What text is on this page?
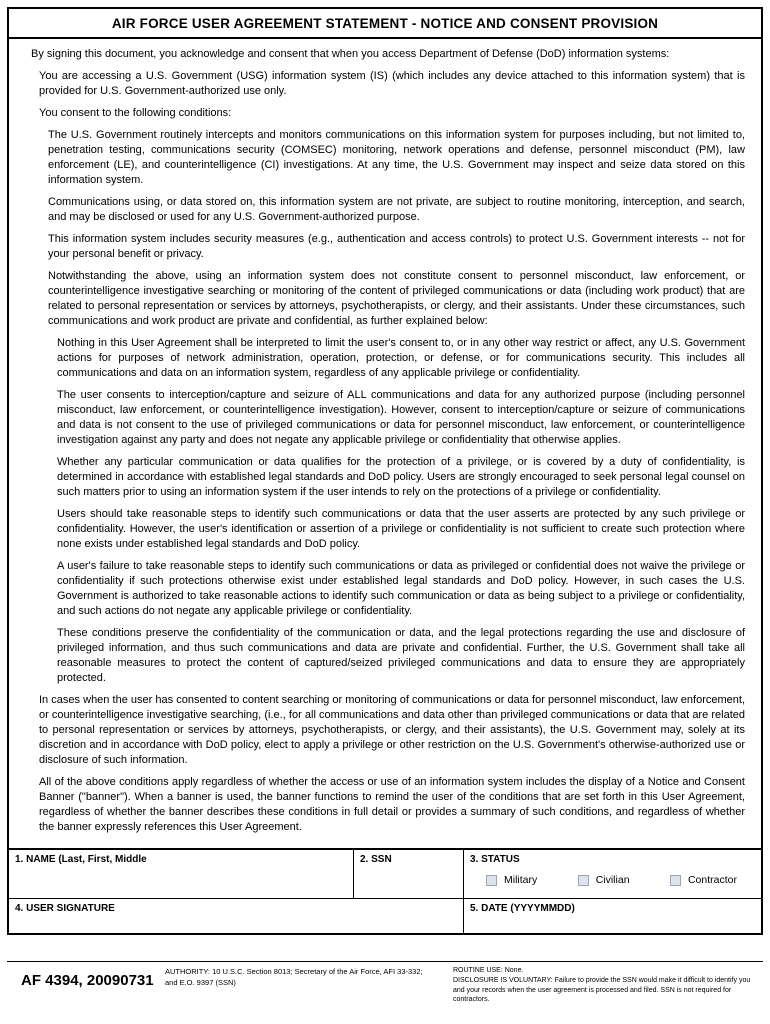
AIR FORCE USER AGREEMENT STATEMENT - NOTICE AND CONSENT PROVISION
By signing this document, you acknowledge and consent that when you access Department of Defense (DoD) information systems:
You are accessing a U.S. Government (USG) information system (IS) (which includes any device attached to this information system) that is provided for U.S. Government-authorized use only.
You consent to the following conditions:
The U.S. Government routinely intercepts and monitors communications on this information system for purposes including, but not limited to, penetration testing, communications security (COMSEC) monitoring, network operations and defense, personnel misconduct (PM), law enforcement (LE), and counterintelligence (CI) investigations. At any time, the U.S. Government may inspect and seize data stored on this information system.
Communications using, or data stored on, this information system are not private, are subject to routine monitoring, interception, and search, and may be disclosed or used for any U.S. Government-authorized purpose.
This information system includes security measures (e.g., authentication and access controls) to protect U.S. Government interests -- not for your personal benefit or privacy.
Notwithstanding the above, using an information system does not constitute consent to personnel misconduct, law enforcement, or counterintelligence investigative searching or monitoring of the content of privileged communications or data (including work product) that are related to personal representation or services by attorneys, psychotherapists, or clergy, and their assistants. Under these circumstances, such communications and work product are private and confidential, as further explained below:
Nothing in this User Agreement shall be interpreted to limit the user's consent to, or in any other way restrict or affect, any U.S. Government actions for purposes of network administration, operation, protection, or defense, or for communications security. This includes all communications and data on an information system, regardless of any applicable privilege or confidentiality.
The user consents to interception/capture and seizure of ALL communications and data for any authorized purpose (including personnel misconduct, law enforcement, or counterintelligence investigation). However, consent to interception/capture or seizure of communications and data is not consent to the use of privileged communications or data for personnel misconduct, law enforcement, or counterintelligence investigation against any party and does not negate any applicable privilege or confidentiality that otherwise applies.
Whether any particular communication or data qualifies for the protection of a privilege, or is covered by a duty of confidentiality, is determined in accordance with established legal standards and DoD policy. Users are strongly encouraged to seek personal legal counsel on such matters prior to using an information system if the user intends to rely on the protections of a privilege or confidentiality.
Users should take reasonable steps to identify such communications or data that the user asserts are protected by any such privilege or confidentiality. However, the user's identification or assertion of a privilege or confidentiality is not sufficient to create such protection where none exists under established legal standards and DoD policy.
A user's failure to take reasonable steps to identify such communications or data as privileged or confidential does not waive the privilege or confidentiality if such protections otherwise exist under established legal standards and DoD policy. However, in such cases the U.S. Government is authorized to take reasonable actions to identify such communication or data as being subject to a privilege or confidentiality, and such actions do not negate any applicable privilege or confidentiality.
These conditions preserve the confidentiality of the communication or data, and the legal protections regarding the use and disclosure of privileged information, and thus such communications and data are private and confidential. Further, the U.S. Government shall take all reasonable measures to protect the content of captured/seized privileged communications and data to ensure they are appropriately protected.
In cases when the user has consented to content searching or monitoring of communications or data for personnel misconduct, law enforcement, or counterintelligence investigative searching, (i.e., for all communications and data other than privileged communications or data that are related to personal representation or services by attorneys, psychotherapists, or clergy, and their assistants), the U.S. Government may, solely at its discretion and in accordance with DoD policy, elect to apply a privilege or other restriction on the U.S. Government's otherwise-authorized use or disclosure of such information.
All of the above conditions apply regardless of whether the access or use of an information system includes the display of a Notice and Consent Banner ("banner"). When a banner is used, the banner functions to remind the user of the conditions that are set forth in this User Agreement, regardless of whether the banner describes these conditions in full detail or provides a summary of such conditions, and regardless of whether the banner expressly references this User Agreement.
1. NAME (Last, First, Middle	2. SSN	3. STATUS
Military	Civilian	Contractor
4. USER SIGNATURE	5. DATE (YYYYMMDD)
AF 4394, 20090731
AUTHORITY: 10 U.S.C. Section 8013; Secretary of the Air Force, AFI 33-332; and E.O. 9397 (SSN)
ROUTINE USE: None.
DISCLOSURE IS VOLUNTARY: Failure to provide the SSN would make it difficult to identify you and your records when the user agreement is processed and filed. SSN is not required for contractors.
